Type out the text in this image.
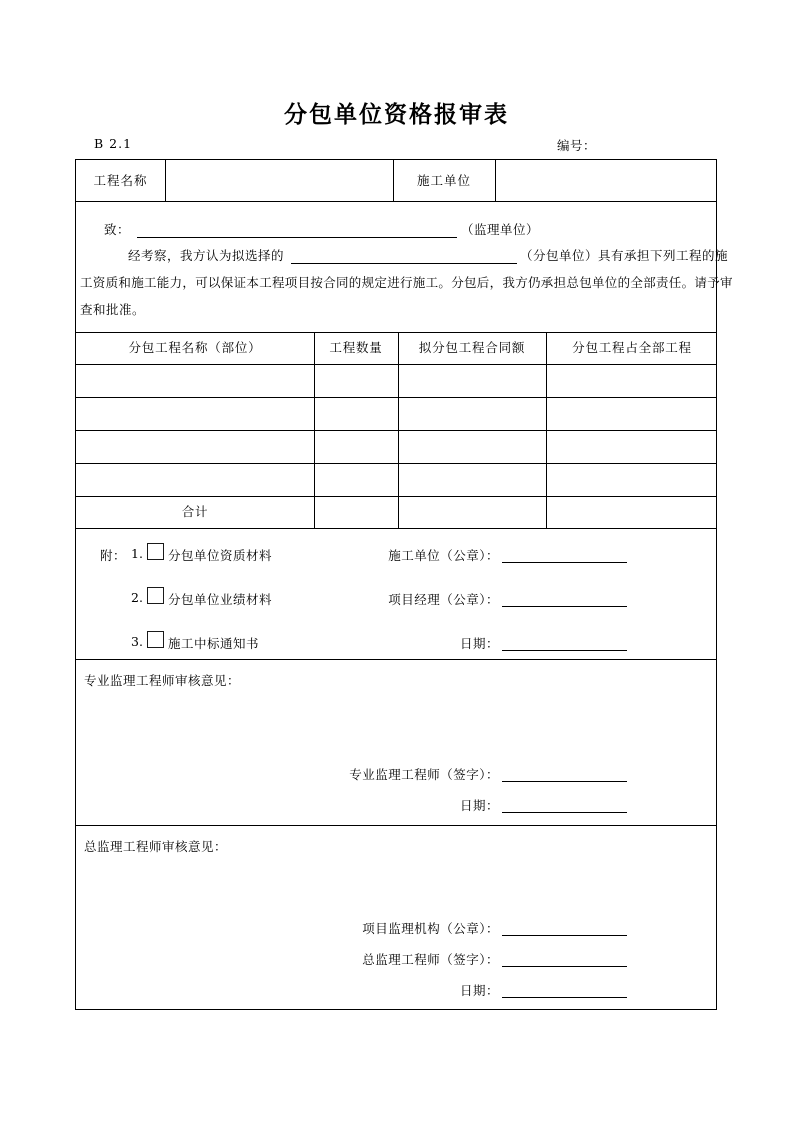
分包单位资格报审表
B 2.1	编号：
工程名称	施工单位
致：	（监理单位）
经考察，我方认为拟选择的	（分包单位）具有承担下列工程的施
工资质和施工能力，可以保证本工程项目按合同的规定进行施工。分包后，我方仍承担总包单位的全部责任。请予审
查和批准。
分包工程名称（部位）	工程数量	拟分包工程合同额	分包工程占全部工程
合计
附： 1. 分包单位资质材料	施工单位（公章）：
2. 分包单位业绩材料	项目经理（公章）：
3. 施工中标通知书	日期：
专业监理工程师审核意见：
专业监理工程师（签字）：
日期：
总监理工程师审核意见：
项目监理机构（公章）：
总监理工程师（签字）：
日期：
